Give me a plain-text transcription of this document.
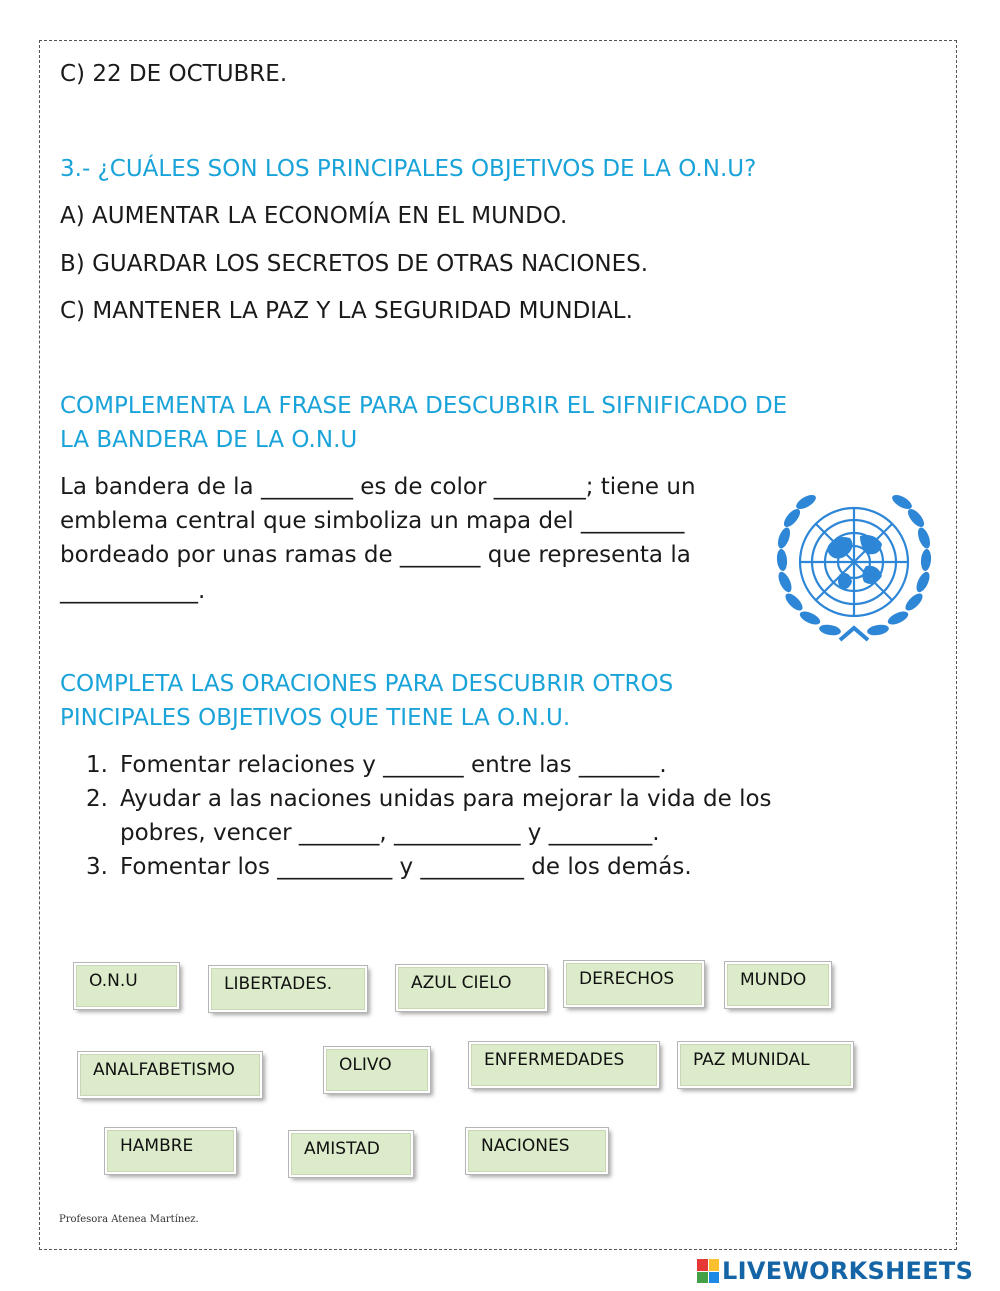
C) 22 DE OCTUBRE.
3.- ¿CUÁLES SON LOS PRINCIPALES OBJETIVOS DE LA O.N.U?
A) AUMENTAR LA ECONOMÍA EN EL MUNDO.
B) GUARDAR LOS SECRETOS DE OTRAS NACIONES.
C) MANTENER LA PAZ Y LA SEGURIDAD MUNDIAL.
COMPLEMENTA LA FRASE PARA DESCUBRIR EL SIFNIFICADO DE
LA BANDERA DE LA O.N.U
La bandera de la ________ es de color ________; tiene un
emblema central que simboliza un mapa del _________
bordeado por unas ramas de _______ que representa la
____________.
COMPLETA LAS ORACIONES PARA DESCUBRIR OTROS
PINCIPALES OBJETIVOS QUE TIENE LA O.N.U.
1. Fomentar relaciones y _______ entre las _______.
2. Ayudar a las naciones unidas para mejorar la vida de los
pobres, vencer _______, ___________ y _________.
3. Fomentar los __________ y _________ de los demás.
O.N.U	LIBERTADES.	AZUL CIELO	DERECHOS	MUNDO
ANALFABETISMO	OLIVO	ENFERMEDADES	PAZ MUNIDAL
HAMBRE	AMISTAD	NACIONES
Profesora Atenea Martínez.
LIVEWORKSHEETS
